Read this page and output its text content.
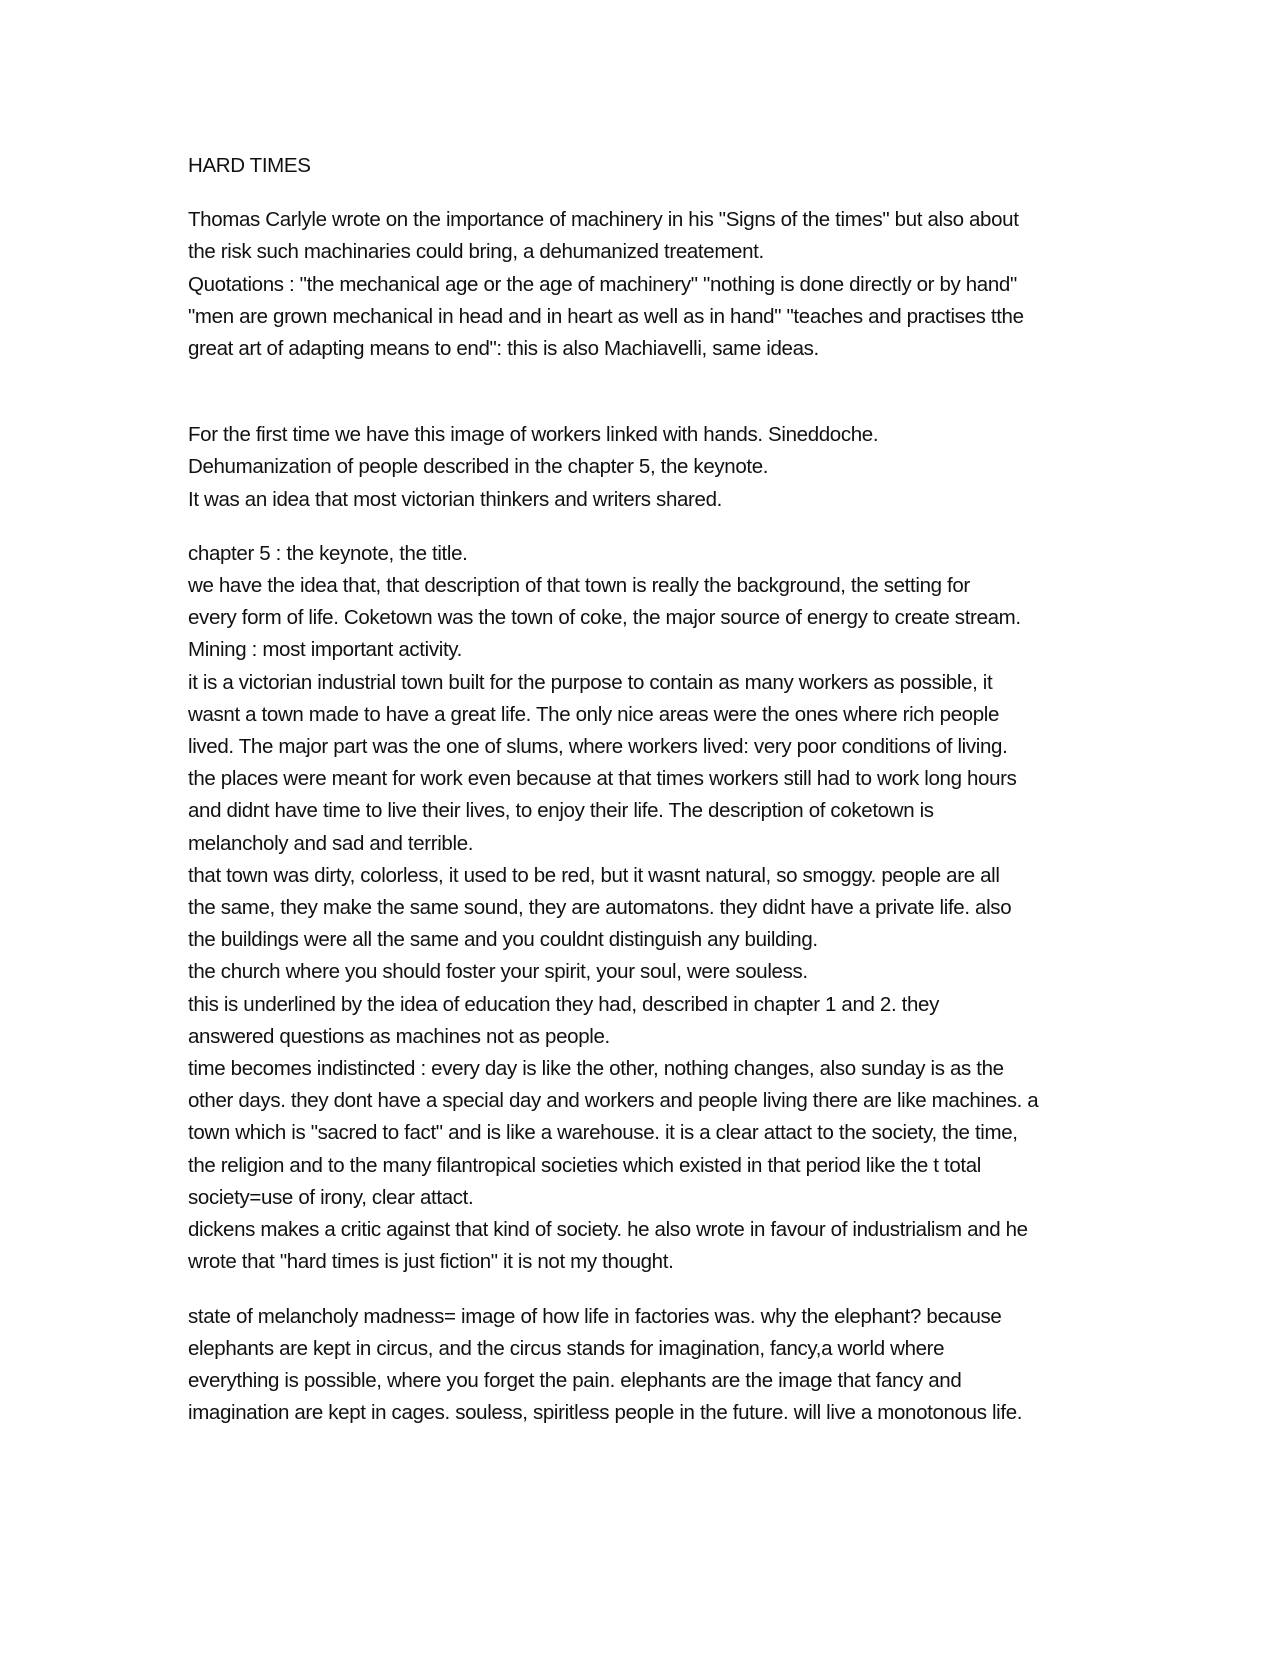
HARD TIMES
Thomas Carlyle wrote on the importance of machinery in his "Signs of the times" but also about
the risk such machinaries could bring, a dehumanized treatement.
Quotations : "the mechanical age or the age of machinery" "nothing is done directly or by hand"
"men are grown mechanical in head and in heart as well as in hand" "teaches and practises tthe
great art of adapting means to end": this is also Machiavelli, same ideas.
For the first time we have this image of workers linked with hands. Sineddoche.
Dehumanization of people described in the chapter 5, the keynote.
It was an idea that most victorian thinkers and writers shared.
chapter 5 : the keynote, the title.
we have the idea that, that description of that town is really the background, the setting for
every form of life. Coketown was the town of coke, the major source of energy to create stream.
Mining : most important activity.
it is a victorian industrial town built for the purpose to contain as many workers as possible, it
wasnt a town made to have a great life. The only nice areas were the ones where rich people
lived. The major part was the one of slums, where workers lived: very poor conditions of living.
the places were meant for work even because at that times workers still had to work long hours
and didnt have time to live their lives, to enjoy their life. The description of coketown is
melancholy and sad and terrible.
that town was dirty, colorless, it used to be red, but it wasnt natural, so smoggy. people are all
the same, they make the same sound, they are automatons. they didnt have a private life. also
the buildings were all the same and you couldnt distinguish any building.
the church where you should foster your spirit, your soul, were souless.
this is underlined by the idea of education they had, described in chapter 1 and 2. they
answered questions as machines not as people.
time becomes indistincted : every day is like the other, nothing changes, also sunday is as the
other days. they dont have a special day and workers and people living there are like machines. a
town which is "sacred to fact" and is like a warehouse. it is a clear attact to the society, the time,
the religion and to the many filantropical societies which existed in that period like the t total
society=use of irony, clear attact.
dickens makes a critic against that kind of society. he also wrote in favour of industrialism and he
wrote that "hard times is just fiction" it is not my thought.
state of melancholy madness= image of how life in factories was. why the elephant? because
elephants are kept in circus, and the circus stands for imagination, fancy,a world where
everything is possible, where you forget the pain. elephants are the image that fancy and
imagination are kept in cages. souless, spiritless people in the future. will live a monotonous life.
